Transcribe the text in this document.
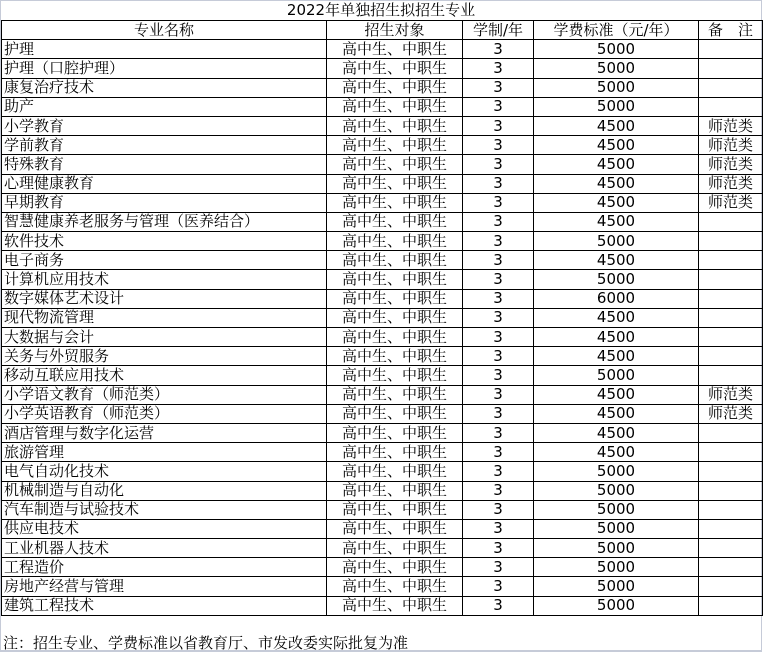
2022年单独招生拟招生专业
专业名称	招生对象	学制/年	学费标准（元/年）	备　注
护理	高中生、中职生	3	5000	
护理（口腔护理）	高中生、中职生	3	5000	
康复治疗技术	高中生、中职生	3	5000	
助产	高中生、中职生	3	5000	
小学教育	高中生、中职生	3	4500	师范类
学前教育	高中生、中职生	3	4500	师范类
特殊教育	高中生、中职生	3	4500	师范类
心理健康教育	高中生、中职生	3	4500	师范类
早期教育	高中生、中职生	3	4500	师范类
智慧健康养老服务与管理（医养结合）	高中生、中职生	3	4500	
软件技术	高中生、中职生	3	5000	
电子商务	高中生、中职生	3	4500	
计算机应用技术	高中生、中职生	3	5000	
数字媒体艺术设计	高中生、中职生	3	6000	
现代物流管理	高中生、中职生	3	4500	
大数据与会计	高中生、中职生	3	4500	
关务与外贸服务	高中生、中职生	3	4500	
移动互联应用技术	高中生、中职生	3	5000	
小学语文教育（师范类）	高中生、中职生	3	4500	师范类
小学英语教育（师范类）	高中生、中职生	3	4500	师范类
酒店管理与数字化运营	高中生、中职生	3	4500	
旅游管理	高中生、中职生	3	4500	
电气自动化技术	高中生、中职生	3	5000	
机械制造与自动化	高中生、中职生	3	5000	
汽车制造与试验技术	高中生、中职生	3	5000	
供应电技术	高中生、中职生	3	5000	
工业机器人技术	高中生、中职生	3	5000	
工程造价	高中生、中职生	3	5000	
房地产经营与管理	高中生、中职生	3	5000	
建筑工程技术	高中生、中职生	3	5000	
注：招生专业、学费标准以省教育厅、市发改委实际批复为准
